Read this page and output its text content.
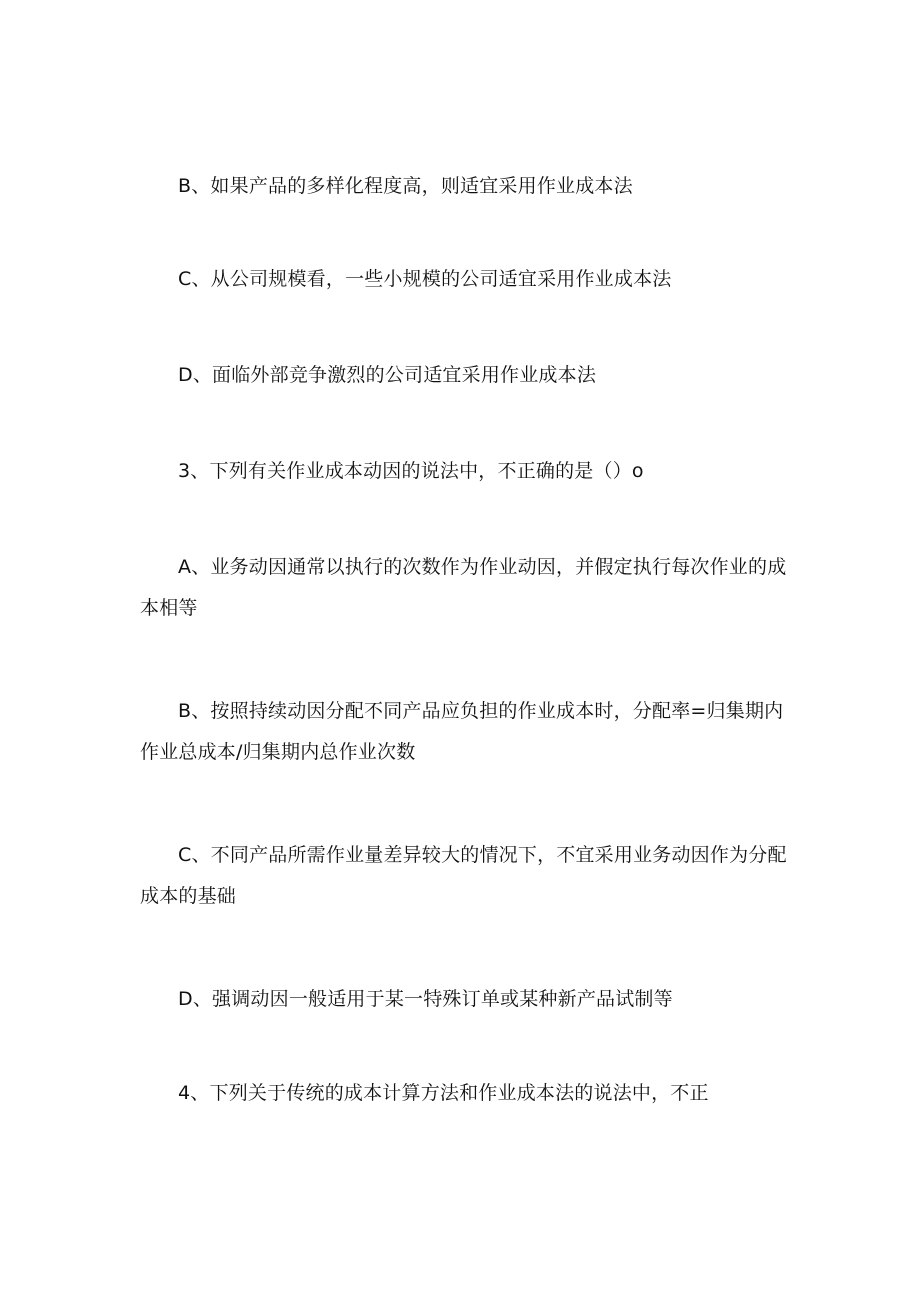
B、如果产品的多样化程度高，则适宜采用作业成本法

C、从公司规模看，一些小规模的公司适宜采用作业成本法

D、面临外部竞争激烈的公司适宜采用作业成本法

3、下列有关作业成本动因的说法中，不正确的是（）o

A、业务动因通常以执行的次数作为作业动因，并假定执行每次作业的成本相等

B、按照持续动因分配不同产品应负担的作业成本时，分配率=归集期内作业总成本/归集期内总作业次数

C、不同产品所需作业量差异较大的情况下，不宜采用业务动因作为分配成本的基础

D、强调动因一般适用于某一特殊订单或某种新产品试制等

4、下列关于传统的成本计算方法和作业成本法的说法中，不正
